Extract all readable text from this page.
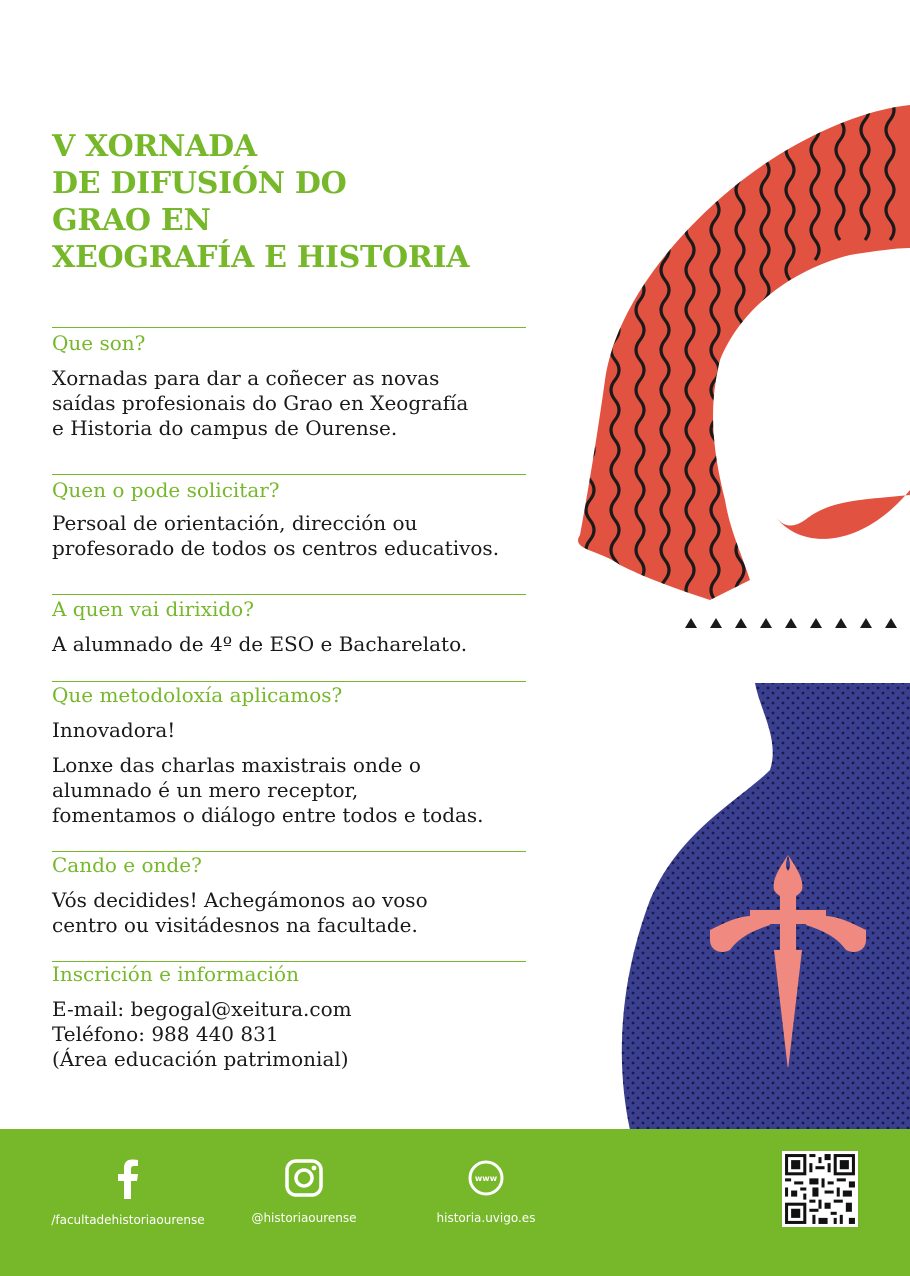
V XORNADA
DE DIFUSIÓN DO
GRAO EN
XEOGRAFÍA E HISTORIA
Que son?
Xornadas para dar a coñecer as novas
saídas profesionais do Grao en Xeografía
e Historia do campus de Ourense.
Quen o pode solicitar?
Persoal de orientación, dirección ou
profesorado de todos os centros educativos.
A quen vai dirixido?
A alumnado de 4º de ESO e Bacharelato.
Que metodoloxía aplicamos?
Innovadora!
Lonxe das charlas maxistrais onde o
alumnado é un mero receptor,
fomentamos o diálogo entre todos e todas.
Cando e onde?
Vós decidides! Achegámonos ao voso
centro ou visitádesnos na facultade.
Inscrición e información
E-mail: begogal@xeitura.com
Teléfono: 988 440 831
(Área educación patrimonial)
/facultadehistoriaourense	@historiaourense
www
historia.uvigo.es
